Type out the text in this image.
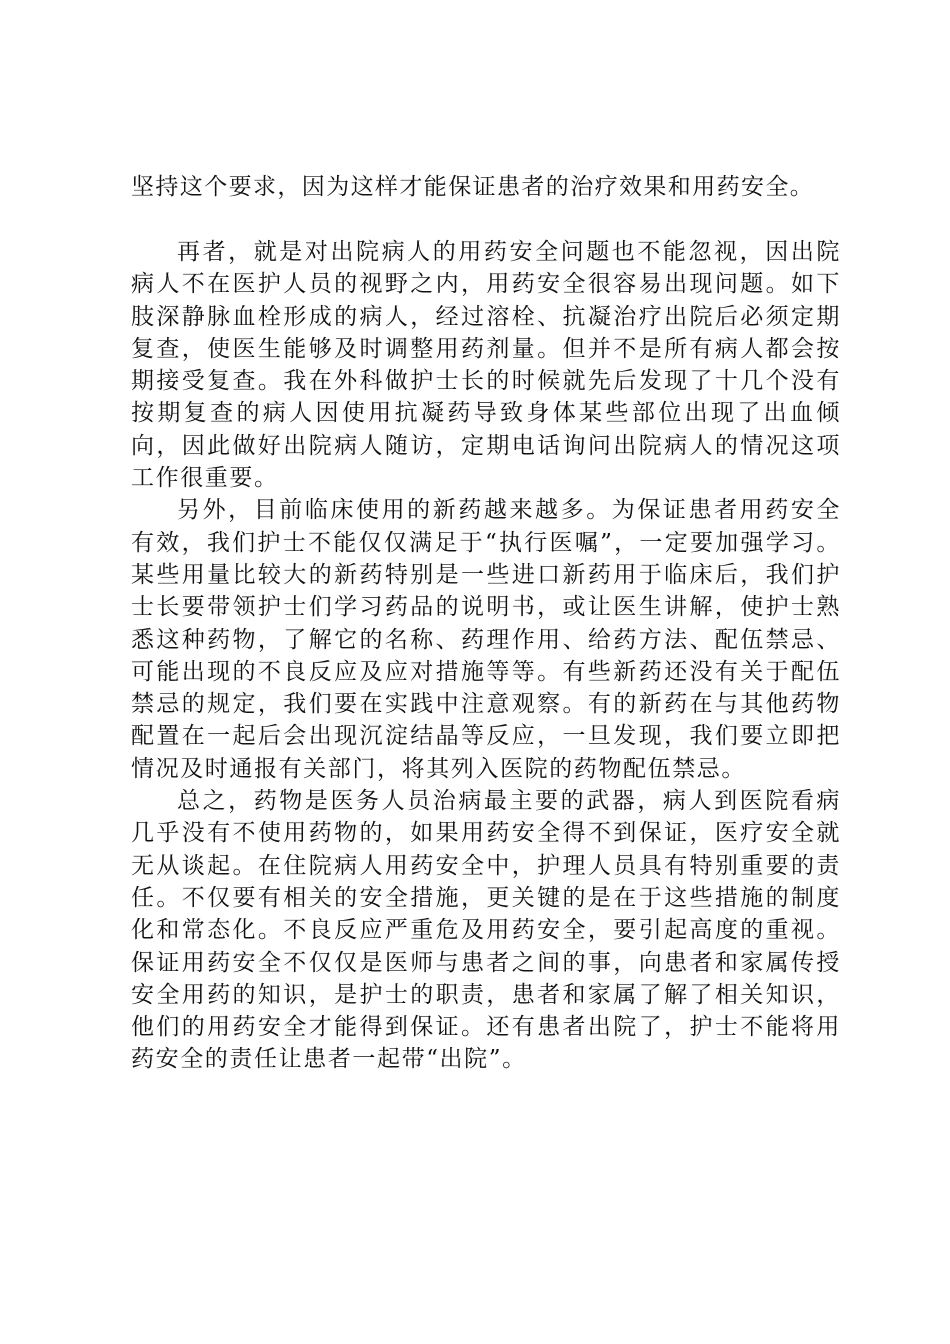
坚持这个要求，因为这样才能保证患者的治疗效果和用药安全。

再者，就是对出院病人的用药安全问题也不能忽视，因出院病人不在医护人员的视野之内，用药安全很容易出现问题。如下肢深静脉血栓形成的病人，经过溶栓、抗凝治疗出院后必须定期复查，使医生能够及时调整用药剂量。但并不是所有病人都会按期接受复查。我在外科做护士长的时候就先后发现了十几个没有按期复查的病人因使用抗凝药导致身体某些部位出现了出血倾向，因此做好出院病人随访，定期电话询问出院病人的情况这项工作很重要。

另外，目前临床使用的新药越来越多。为保证患者用药安全有效，我们护士不能仅仅满足于“执行医嘱”，一定要加强学习。某些用量比较大的新药特别是一些进口新药用于临床后，我们护士长要带领护士们学习药品的说明书，或让医生讲解，使护士熟悉这种药物，了解它的名称、药理作用、给药方法、配伍禁忌、可能出现的不良反应及应对措施等等。有些新药还没有关于配伍禁忌的规定，我们要在实践中注意观察。有的新药在与其他药物配置在一起后会出现沉淀结晶等反应，一旦发现，我们要立即把情况及时通报有关部门，将其列入医院的药物配伍禁忌。

总之，药物是医务人员治病最主要的武器，病人到医院看病几乎没有不使用药物的，如果用药安全得不到保证，医疗安全就无从谈起。在住院病人用药安全中，护理人员具有特别重要的责任。不仅要有相关的安全措施，更关键的是在于这些措施的制度化和常态化。不良反应严重危及用药安全，要引起高度的重视。保证用药安全不仅仅是医师与患者之间的事，向患者和家属传授安全用药的知识，是护士的职责，患者和家属了解了相关知识，他们的用药安全才能得到保证。还有患者出院了，护士不能将用药安全的责任让患者一起带“出院”。
